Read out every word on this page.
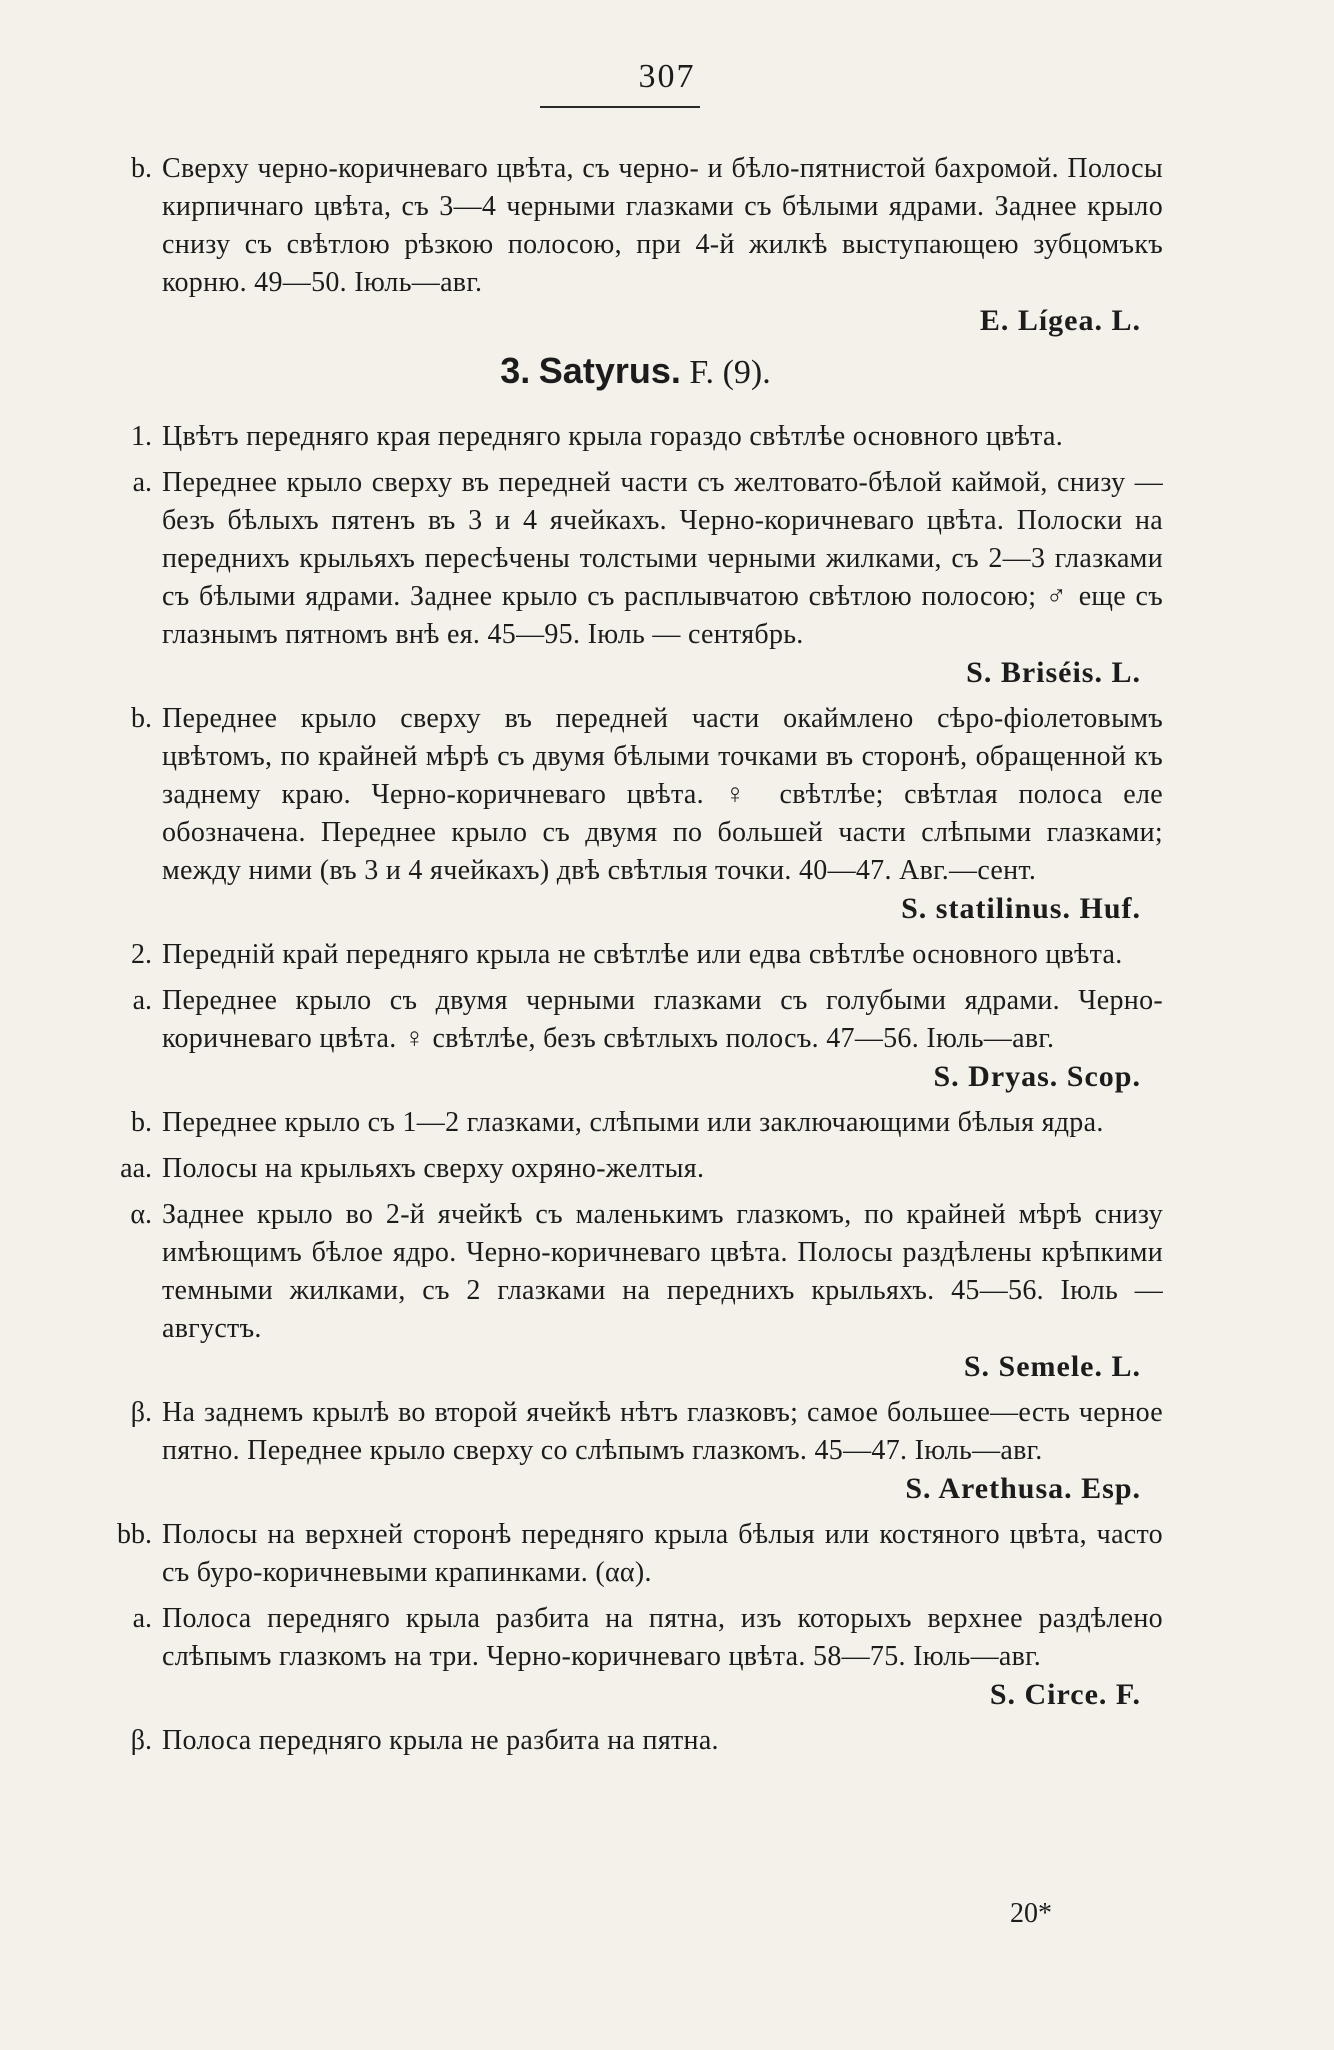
307
b. Сверху черно-коричневаго цвѣта, съ черно- и бѣло-пятнистой бахромой. Полосы кирпичнаго цвѣта, съ 3—4 черными глазками съ бѣлыми ядрами. Заднее крыло снизу съ свѣтлою рѣзкою полосою, при 4-й жилкѣ выступающею зубцомъкъ корню. 49—50. Іюль—авг.
E. Lígea. L.
3. Satyrus. F. (9).
1. Цвѣтъ передняго края передняго крыла гораздо свѣтлѣе основного цвѣта.
a. Переднее крыло сверху въ передней части съ желтовато-бѣлой каймой, снизу — безъ бѣлыхъ пятенъ въ 3 и 4 ячейкахъ. Черно-коричневаго цвѣта. Полоски на переднихъ крыльяхъ пересѣчены толстыми черными жилками, съ 2—3 глазками съ бѣлыми ядрами. Заднее крыло съ расплывчатою свѣтлою полосою; ♂ еще съ глазнымъ пятномъ внѣ ея. 45—95. Іюль — сентябрь.
S. Briséis. L.
b. Переднее крыло сверху въ передней части окаймлено сѣро-фіолетовымъ цвѣтомъ, по крайней мѣрѣ съ двумя бѣлыми точками въ сторонѣ, обращенной къ заднему краю. Черно-коричневаго цвѣта. ♀ свѣтлѣе; свѣтлая полоса еле обозначена. Переднее крыло съ двумя по большей части слѣпыми глазками; между ними (въ 3 и 4 ячейкахъ) двѣ свѣтлыя точки. 40—47. Авг.—сент.
S. statilinus. Huf.
2. Передній край передняго крыла не свѣтлѣе или едва свѣтлѣе основного цвѣта.
a. Переднее крыло съ двумя черными глазками съ голубыми ядрами. Черно-коричневаго цвѣта. ♀ свѣтлѣе, безъ свѣтлыхъ полосъ. 47—56. Іюль—авг.
S. Dryas. Scop.
b. Переднее крыло съ 1—2 глазками, слѣпыми или заключающими бѣлыя ядра.
aa. Полосы на крыльяхъ сверху охряно-желтыя.
α. Заднее крыло во 2-й ячейкѣ съ маленькимъ глазкомъ, по крайней мѣрѣ снизу имѣющимъ бѣлое ядро. Черно-коричневаго цвѣта. Полосы раздѣлены крѣпкими темными жилками, съ 2 глазками на переднихъ крыльяхъ. 45—56. Іюль — августъ.
S. Semele. L.
β. На заднемъ крылѣ во второй ячейкѣ нѣтъ глазковъ; самое большее—есть черное пятно. Переднее крыло сверху со слѣпымъ глазкомъ. 45—47. Іюль—авг.
S. Arethusa. Esp.
bb. Полосы на верхней сторонѣ передняго крыла бѣлыя или костяного цвѣта, часто съ буро-коричневыми крапинками. (αα).
a. Полоса передняго крыла разбита на пятна, изъ которыхъ верхнее раздѣлено слѣпымъ глазкомъ на три. Черно-коричневаго цвѣта. 58—75. Іюль—авг.
S. Circe. F.
β. Полоса передняго крыла не разбита на пятна.
20*
